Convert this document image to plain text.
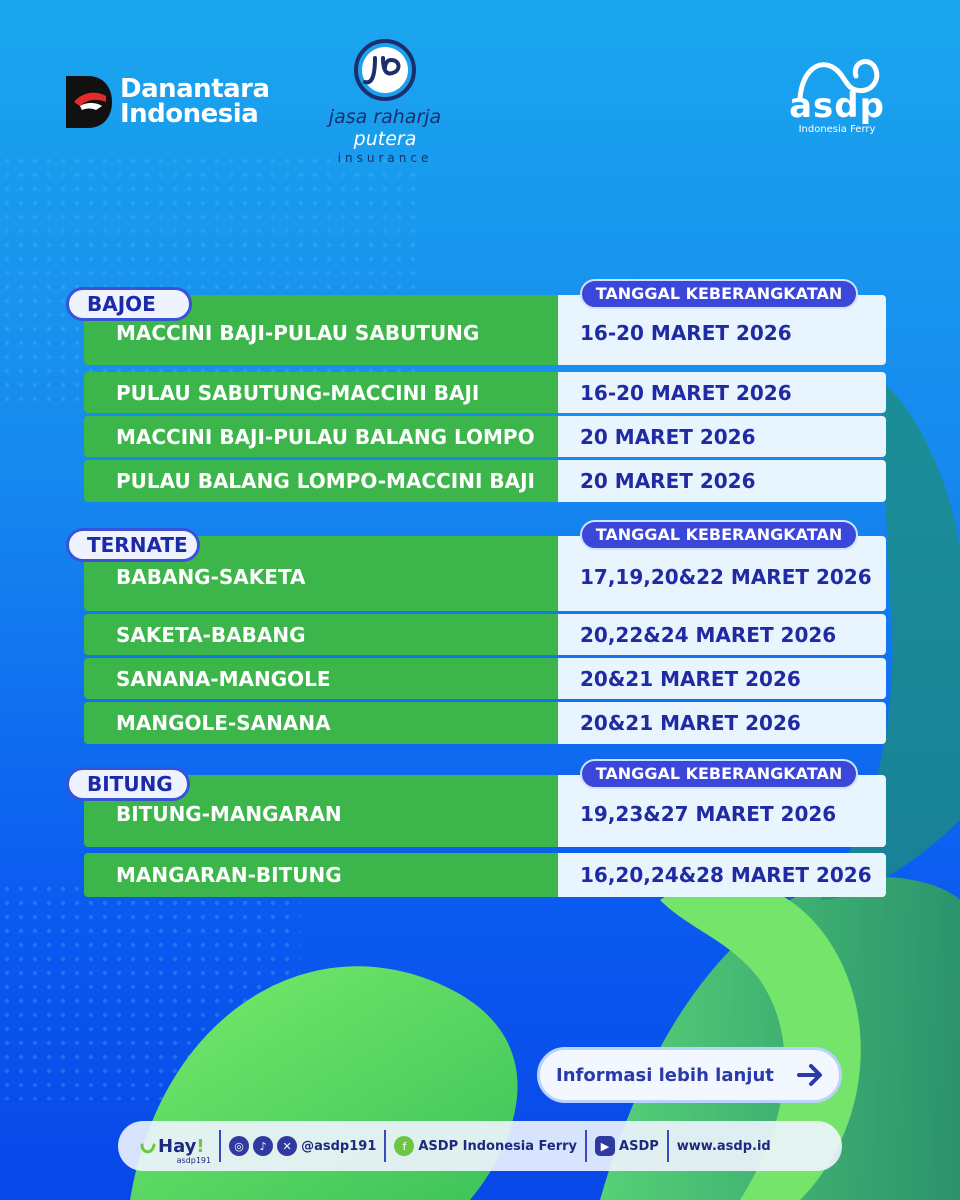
Danantara
Indonesia	jasa raharja putera
insurance
asdp
Indonesia Ferry
BAJOE	TANGGAL KEBERANGKATAN
MACCINI BAJI-PULAU SABUTUNG	16-20 MARET 2026
PULAU SABUTUNG-MACCINI BAJI	16-20 MARET 2026
MACCINI BAJI-PULAU BALANG LOMPO	20 MARET 2026
PULAU BALANG LOMPO-MACCINI BAJI	20 MARET 2026
TERNATE	TANGGAL KEBERANGKATAN
BABANG-SAKETA	17,19,20&22 MARET 2026
SAKETA-BABANG	20,22&24 MARET 2026
SANANA-MANGOLE	20&21 MARET 2026
MANGOLE-SANANA	20&21 MARET 2026
BITUNG	TANGGAL KEBERANGKATAN
BITUNG-MANGARAN	19,23&27 MARET 2026
MANGARAN-BITUNG	16,20,24&28 MARET 2026
Informasi lebih lanjut
Hay!
asdp191
◎	♪	✕ @asdp191	f ASDP Indonesia Ferry	▶ ASDP www.asdp.id
